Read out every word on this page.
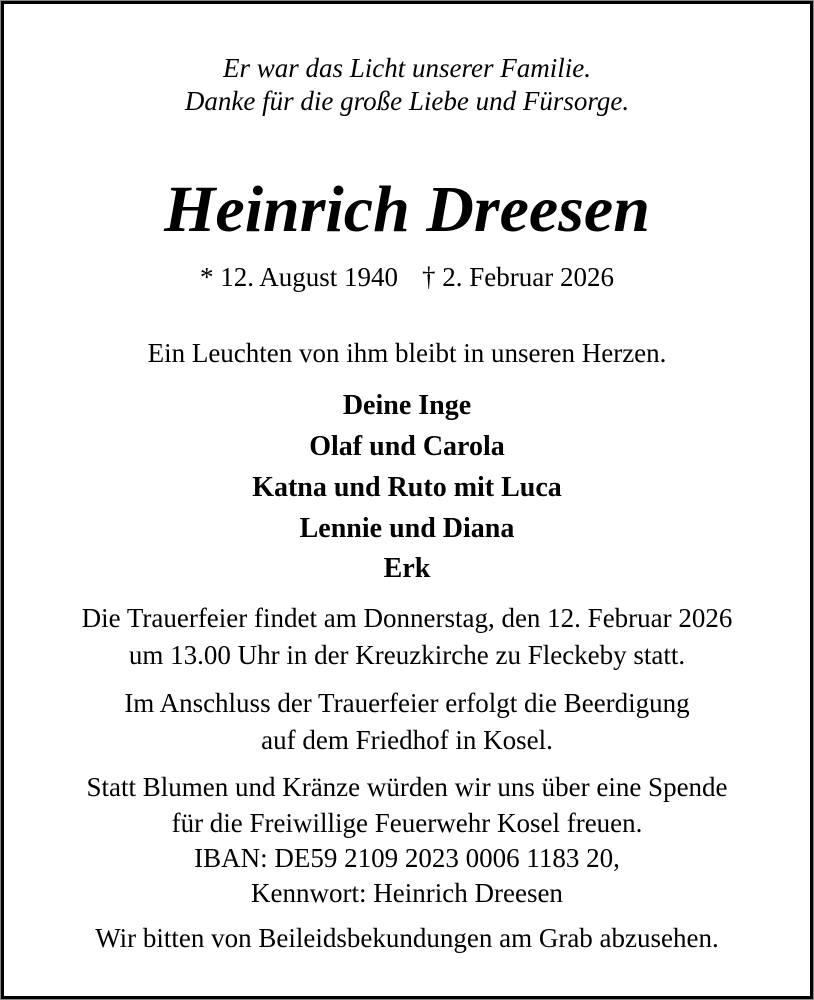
Er war das Licht unserer Familie.
Danke für die große Liebe und Fürsorge.
Heinrich Dreesen
* 12. August 1940 † 2. Februar 2026
Ein Leuchten von ihm bleibt in unseren Herzen.
Deine Inge
Olaf und Carola
Katna und Ruto mit Luca
Lennie und Diana
Erk
Die Trauerfeier findet am Donnerstag, den 12. Februar 2026
um 13.00 Uhr in der Kreuzkirche zu Fleckeby statt.
Im Anschluss der Trauerfeier erfolgt die Beerdigung
auf dem Friedhof in Kosel.
Statt Blumen und Kränze würden wir uns über eine Spende
für die Freiwillige Feuerwehr Kosel freuen.
IBAN: DE59 2109 2023 0006 1183 20,
Kennwort: Heinrich Dreesen
Wir bitten von Beileidsbekundungen am Grab abzusehen.
